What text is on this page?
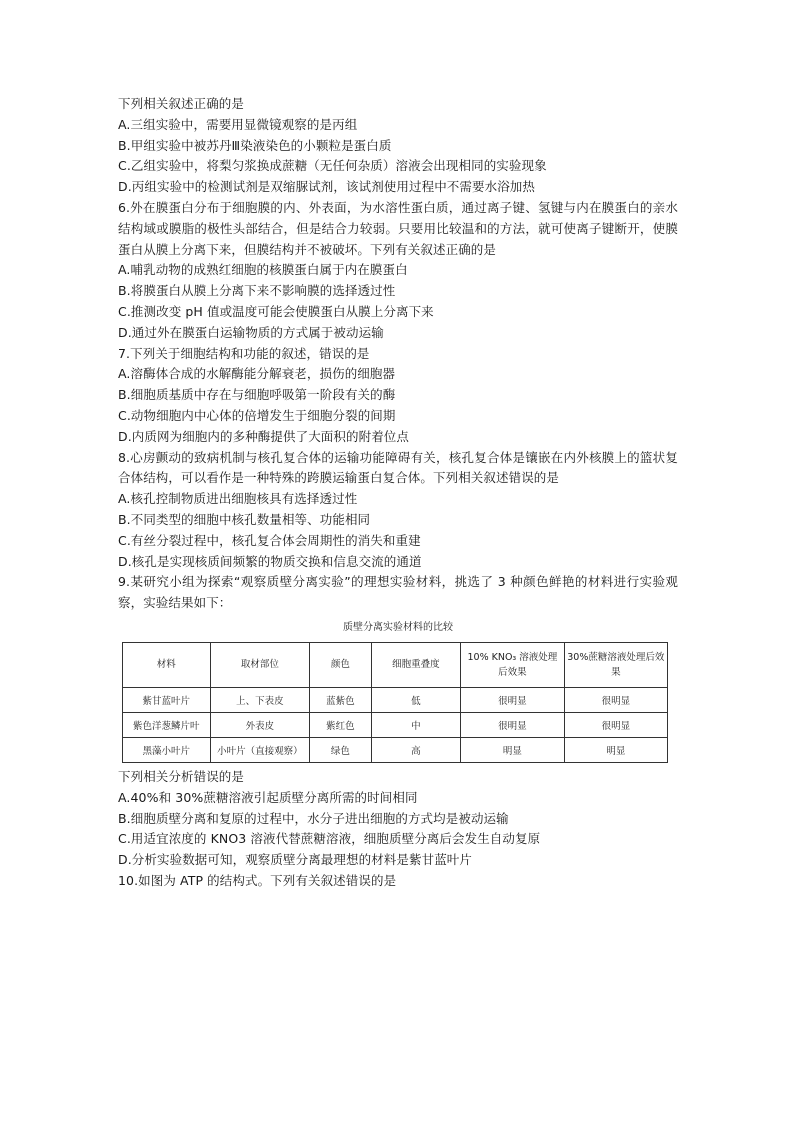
下列相关叙述正确的是
A.三组实验中，需要用显微镜观察的是丙组
B.甲组实验中被苏丹Ⅲ染液染色的小颗粒是蛋白质
C.乙组实验中，将梨匀浆换成蔗糖（无任何杂质）溶液会出现相同的实验现象
D.丙组实验中的检测试剂是双缩脲试剂，该试剂使用过程中不需要水浴加热
6.外在膜蛋白分布于细胞膜的内、外表面，为水溶性蛋白质，通过离子键、氢键与内在膜蛋白的亲水结构域或膜脂的极性头部结合，但是结合力较弱。只要用比较温和的方法，就可使离子键断开，使膜蛋白从膜上分离下来，但膜结构并不被破坏。下列有关叙述正确的是
A.哺乳动物的成熟红细胞的核膜蛋白属于内在膜蛋白
B.将膜蛋白从膜上分离下来不影响膜的选择透过性
C.推测改变 pH 值或温度可能会使膜蛋白从膜上分离下来
D.通过外在膜蛋白运输物质的方式属于被动运输
7.下列关于细胞结构和功能的叙述，错误的是
A.溶酶体合成的水解酶能分解衰老，损伤的细胞器
B.细胞质基质中存在与细胞呼吸第一阶段有关的酶
C.动物细胞内中心体的倍增发生于细胞分裂的间期
D.内质网为细胞内的多种酶提供了大面积的附着位点
8.心房颤动的致病机制与核孔复合体的运输功能障碍有关，核孔复合体是镶嵌在内外核膜上的篮状复合体结构，可以看作是一种特殊的跨膜运输蛋白复合体。下列相关叙述错误的是
A.核孔控制物质进出细胞核具有选择透过性
B.不同类型的细胞中核孔数量相等、功能相同
C.有丝分裂过程中，核孔复合体会周期性的消失和重建
D.核孔是实现核质间频繁的物质交换和信息交流的通道
9.某研究小组为探索“观察质壁分离实验”的理想实验材料，挑选了 3 种颜色鲜艳的材料进行实验观察，实验结果如下：
质壁分离实验材料的比较
材料	取材部位	颜色	细胞重叠度	10% KNO₃ 溶液处理后效果	30%蔗糖溶液处理后效果
紫甘蓝叶片	上、下表皮	蓝紫色	低	很明显	很明显
紫色洋葱鳞片叶	外表皮	紫红色	中	很明显	很明显
黑藻小叶片	小叶片（直接观察）	绿色	高	明显	明显
下列相关分析错误的是
A.40%和 30%蔗糖溶液引起质壁分离所需的时间相同
B.细胞质壁分离和复原的过程中，水分子进出细胞的方式均是被动运输
C.用适宜浓度的 KNO3 溶液代替蔗糖溶液，细胞质壁分离后会发生自动复原
D.分析实验数据可知，观察质壁分离最理想的材料是紫甘蓝叶片
10.如图为 ATP 的结构式。下列有关叙述错误的是
